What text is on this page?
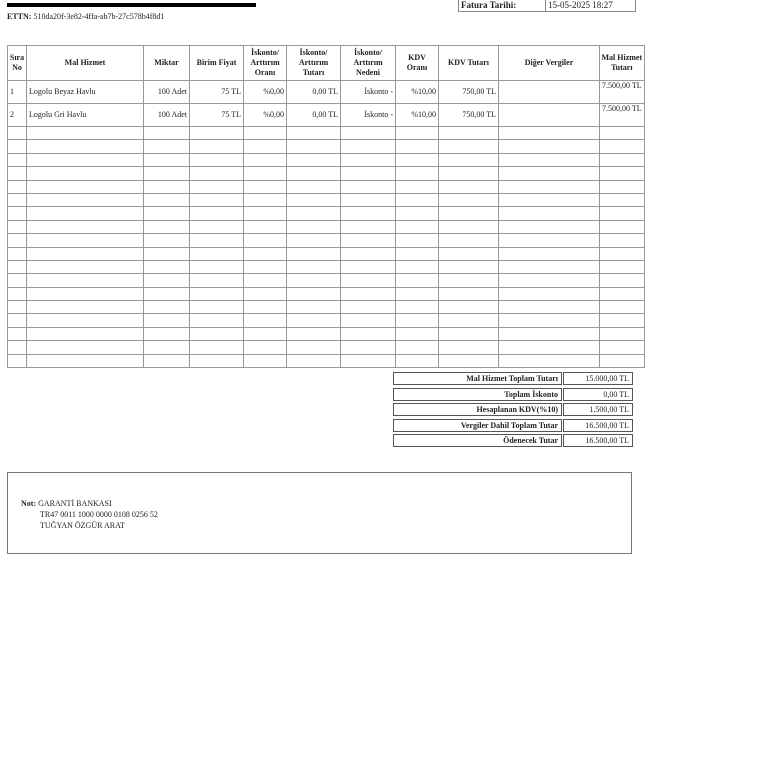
Fatura Tarihi:	15-05-2025 18:27
ETTN: 510da20f-3e82-4ffa-ab7b-27c578b4f8d1
Sıra No	Mal Hizmet	Miktar	Birim Fiyat	İskonto/ Arttırım Oranı	İskonto/ Arttırım Tutarı	İskonto/ Arttırım Nedeni	KDV Oranı	KDV Tutarı	Diğer Vergiler	Mal Hizmet Tutarı
1	Logolu Beyaz Havlu	100 Adet	75 TL	%0,00	0,00 TL	İskonto -	%10,00	750,00 TL		7.500,00 TL
2	Logolu Gri Havlu	100 Adet	75 TL	%0,00	0,00 TL	İskonto -	%10,00	750,00 TL		7.500,00 TL

Mal Hizmet Toplam Tutarı	15.000,00 TL
Toplam İskonto	0,00 TL
Hesaplanan KDV(%10)	1.500,00 TL
Vergiler Dahil Toplam Tutar	16.500,00 TL
Ödenecek Tutar	16.500,00 TL
Not: GARANTİ BANKASI
TR47 0011 1000 0000 0108 0256 52
TUĞYAN ÖZGÜR ARAT
